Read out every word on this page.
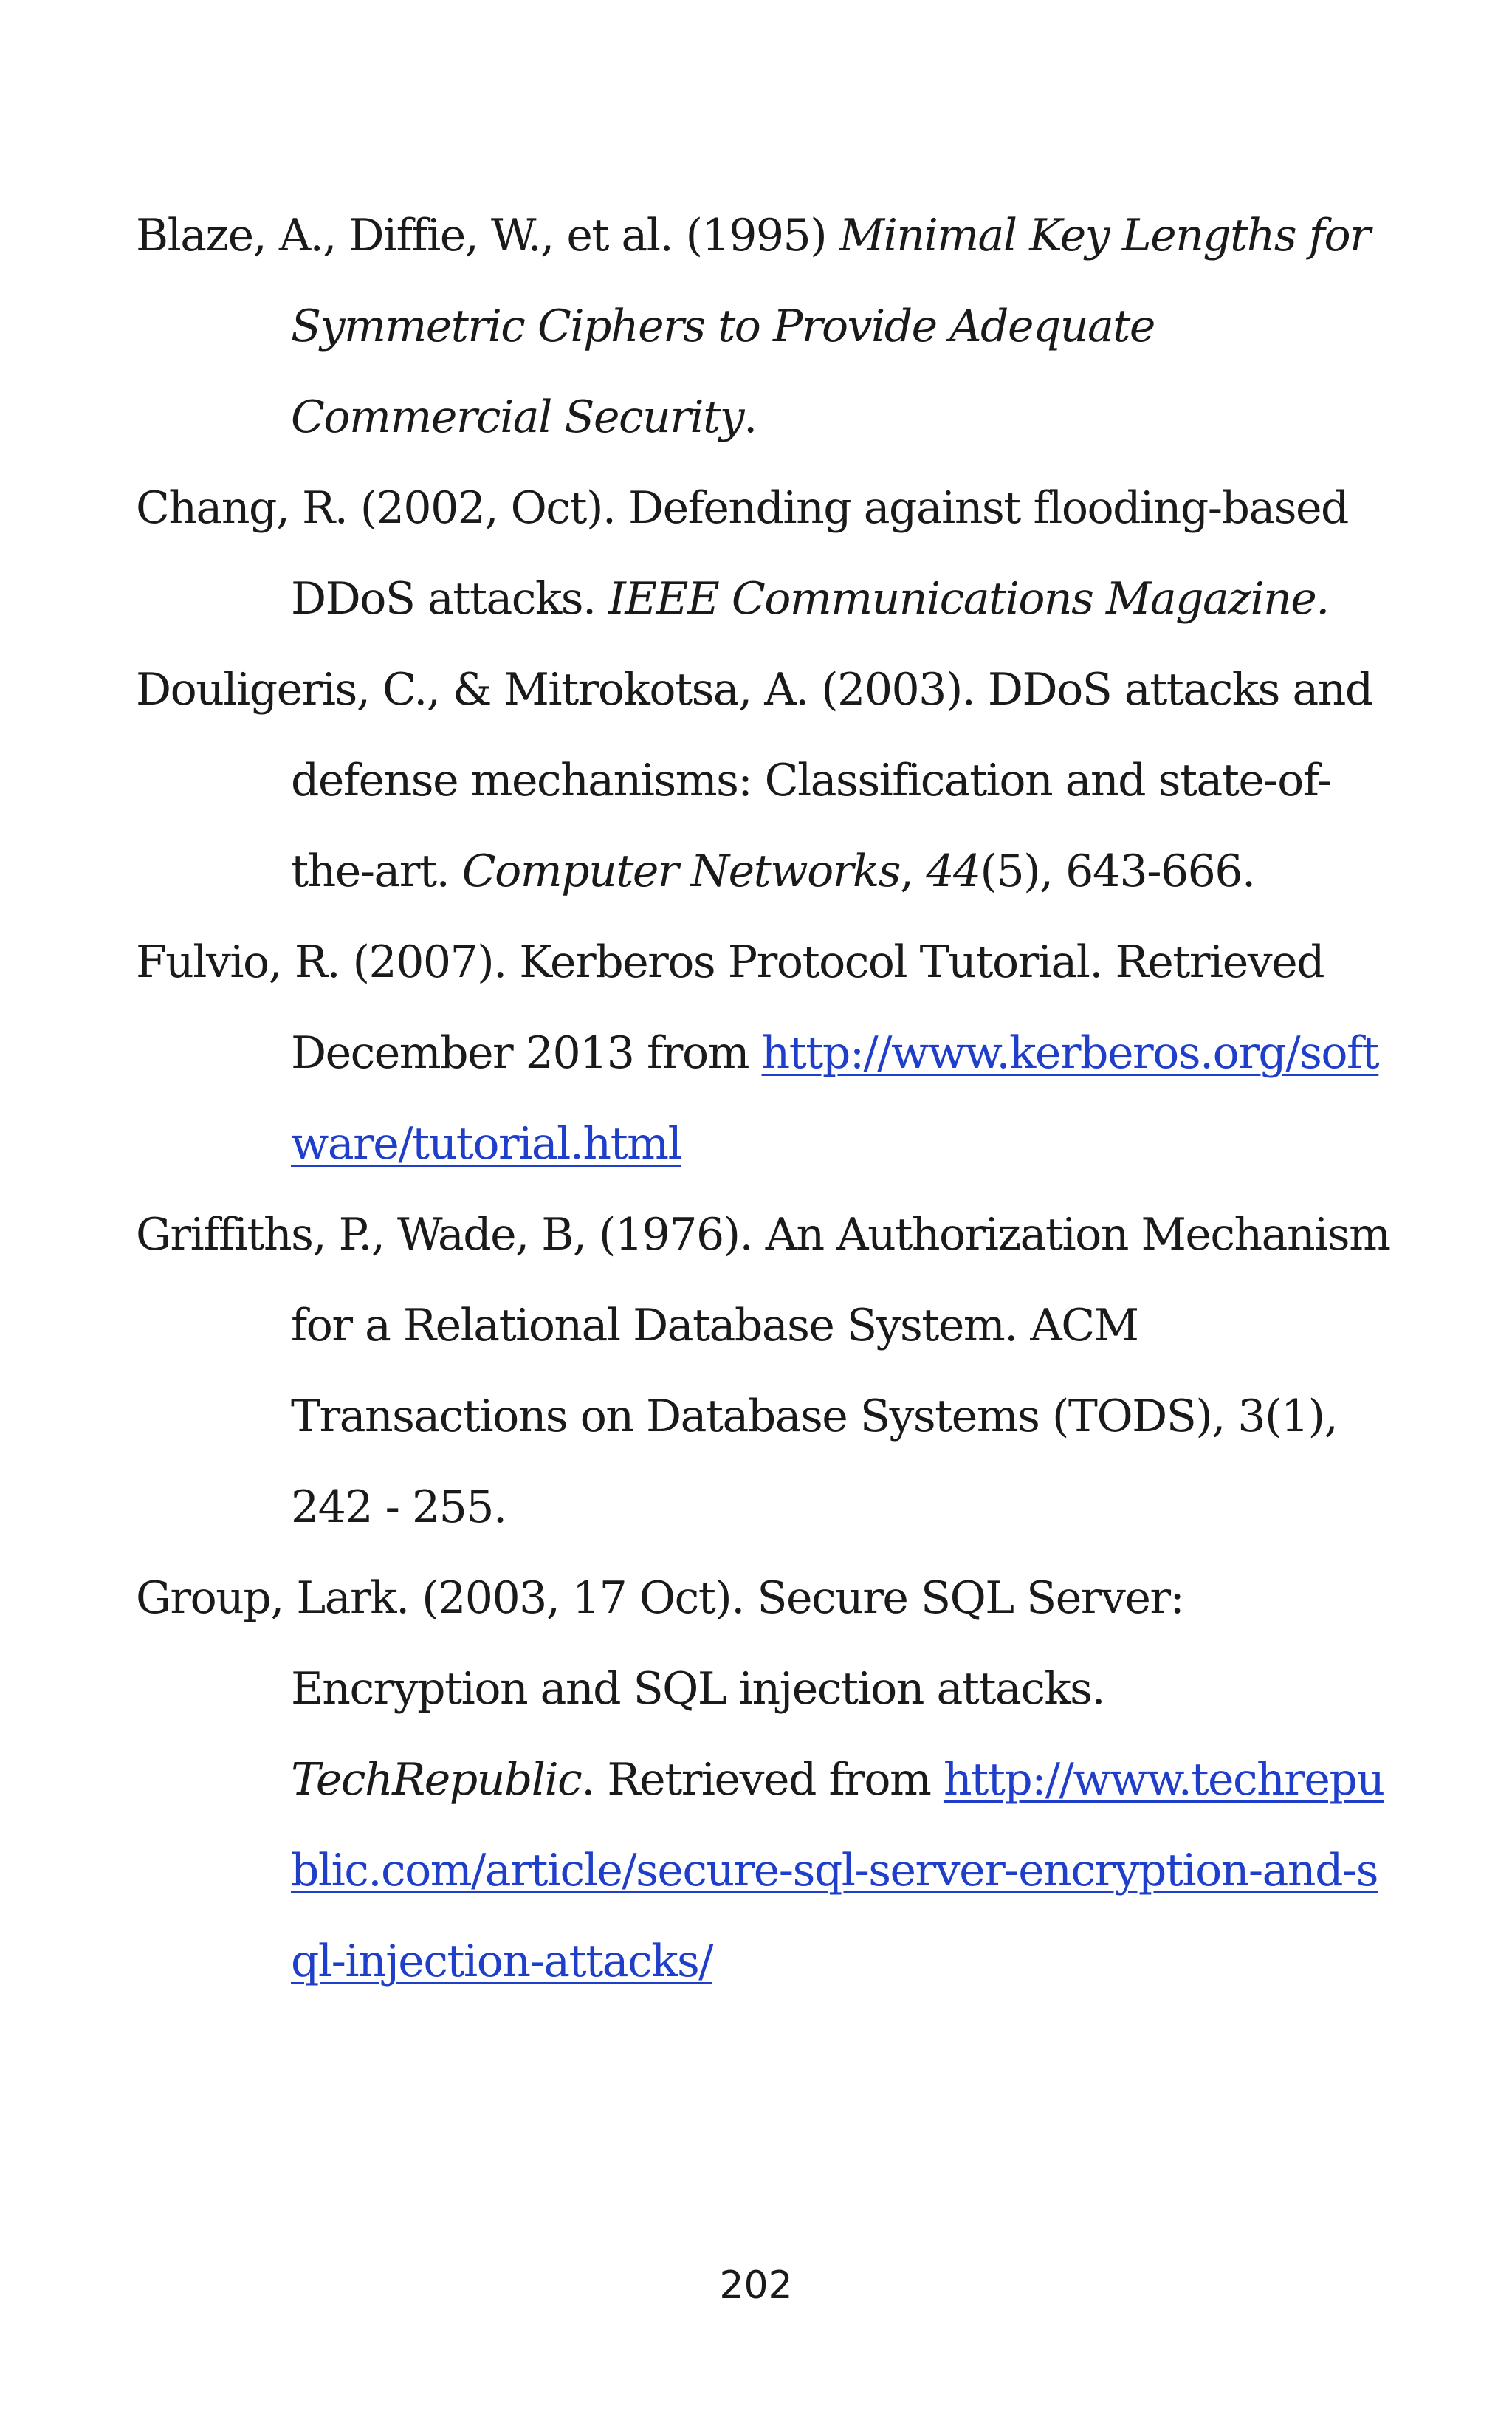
Blaze, A., Diffie, W., et al. (1995) Minimal Key Lengths for Symmetric Ciphers to Provide Adequate Commercial Security.

Chang, R. (2002, Oct). Defending against flooding-based DDoS attacks. IEEE Communications Magazine.

Douligeris, C., & Mitrokotsa, A. (2003). DDoS attacks and defense mechanisms: Classification and state-of-the-art. Computer Networks, 44(5), 643-666.

Fulvio, R. (2007). Kerberos Protocol Tutorial. Retrieved December 2013 from http://www.kerberos.org/software/tutorial.html

Griffiths, P., Wade, B, (1976). An Authorization Mechanism for a Relational Database System. ACM Transactions on Database Systems (TODS), 3(1), 242 - 255.

Group, Lark. (2003, 17 Oct). Secure SQL Server: Encryption and SQL injection attacks. TechRepublic. Retrieved from http://www.techrepublic.com/article/secure-sql-server-encryption-and-sql-injection-attacks/

202
